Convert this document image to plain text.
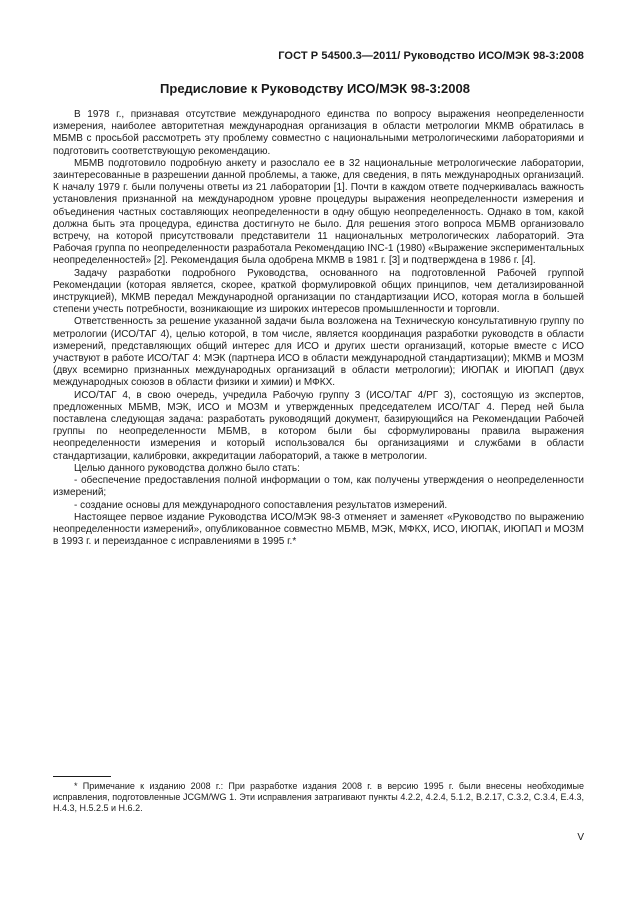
ГОСТ Р 54500.3—2011/ Руководство ИСО/МЭК 98-3:2008
Предисловие к Руководству ИСО/МЭК 98-3:2008

В 1978 г., признавая отсутствие международного единства по вопросу выражения неопределенности измерения, наиболее авторитетная международная организация в области метрологии МКМВ обратилась в МБМВ с просьбой рассмотреть эту проблему совместно с национальными метрологическими лабораториями и подготовить соответствующую рекомендацию.

МБМВ подготовило подробную анкету и разослало ее в 32 национальные метрологические лаборатории, заинтересованные в разрешении данной проблемы, а также, для сведения, в пять международных организаций. К началу 1979 г. были получены ответы из 21 лаборатории [1]. Почти в каждом ответе подчеркивалась важность установления признанной на международном уровне процедуры выражения неопределенности измерения и объединения частных составляющих неопределенности в одну общую неопределенность. Однако в том, какой должна быть эта процедура, единства достигнуто не было. Для решения этого вопроса МБМВ организовало встречу, на которой присутствовали представители 11 национальных метрологических лабораторий. Эта Рабочая группа по неопределенности разработала Рекомендацию INC-1 (1980) «Выражение экспериментальных неопределенностей» [2]. Рекомендация была одобрена МКМВ в 1981 г. [3] и подтверждена в 1986 г. [4].

Задачу разработки подробного Руководства, основанного на подготовленной Рабочей группой Рекомендации (которая является, скорее, краткой формулировкой общих принципов, чем детализированной инструкцией), МКМВ передал Международной организации по стандартизации ИСО, которая могла в большей степени учесть потребности, возникающие из широких интересов промышленности и торговли.

Ответственность за решение указанной задачи была возложена на Техническую консультативную группу по метрологии (ИСО/ТАГ 4), целью которой, в том числе, является координация разработки руководств в области измерений, представляющих общий интерес для ИСО и других шести организаций, которые вместе с ИСО участвуют в работе ИСО/ТАГ 4: МЭК (партнера ИСО в области международной стандартизации); МКМВ и МОЗМ (двух всемирно признанных международных организаций в области метрологии); ИЮПАК и ИЮПАП (двух международных союзов в области физики и химии) и МФКХ.

ИСО/ТАГ 4, в свою очередь, учредила Рабочую группу 3 (ИСО/ТАГ 4/РГ 3), состоящую из экспертов, предложенных МБМВ, МЭК, ИСО и МОЗМ и утвержденных председателем ИСО/ТАГ 4. Перед ней была поставлена следующая задача: разработать руководящий документ, базирующийся на Рекомендации Рабочей группы по неопределенности МБМВ, в котором были бы сформулированы правила выражения неопределенности измерения и который использовался бы организациями и службами в области стандартизации, калибровки, аккредитации лабораторий, а также в метрологии.

Целью данного руководства должно было стать:

- обеспечение предоставления полной информации о том, как получены утверждения о неопределенности измерений;

- создание основы для международного сопоставления результатов измерений.

Настоящее первое издание Руководства ИСО/МЭК 98-3 отменяет и заменяет «Руководство по выражению неопределенности измерений», опубликованное совместно МБМВ, МЭК, МФКХ, ИСО, ИЮПАК, ИЮПАП и МОЗМ в 1993 г. и переизданное с исправлениями в 1995 г.*

* Примечание к изданию 2008 г.: При разработке издания 2008 г. в версию 1995 г. были внесены необходимые исправления, подготовленные JCGM/WG 1. Эти исправления затрагивают пункты 4.2.2, 4.2.4, 5.1.2, В.2.17, С.3.2, С.3.4, Е.4.3, Н.4.3, Н.5.2.5 и Н.6.2.

V
